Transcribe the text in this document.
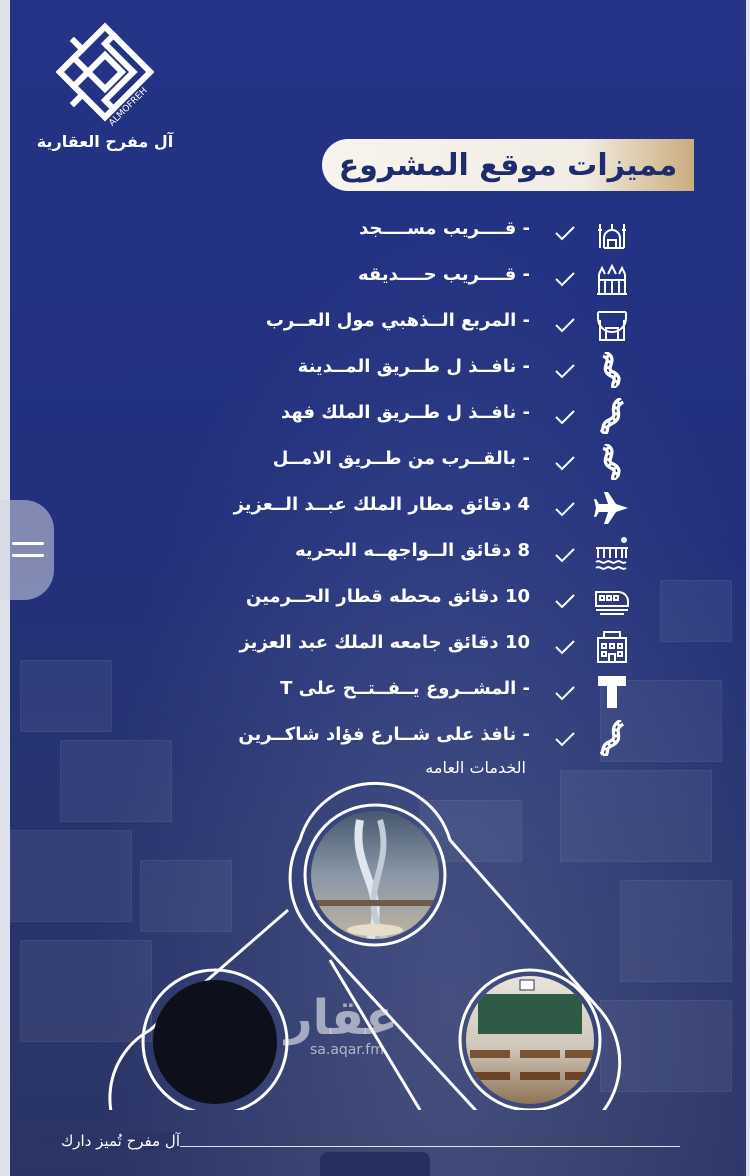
ALMOFREH
آل مفرح العقارية
مميزات موقع المشروع
- قــــريب مســــجد
- قــــريب حــــديقه
- المربع الــذهبي مول العــرب
- نافــذ ل طــريق المــدينة
- نافــذ ل طــريق الملك فهد
- بالقــرب من طــريق الامــل
4 دقائق مطار الملك عبــد الــعزيز
8 دقائق الــواجهــه البحريه
10 دقائق محطه قطار الحــرمين
10 دقائق جامعه الملك عبد العزيز
- المشــروع يــفــتــح على T
- نافذ على شــارع فؤاد شاكــرين
الخدمات العامه
عقار
sa.aqar.fm
آل مفرح تُميز دارك
